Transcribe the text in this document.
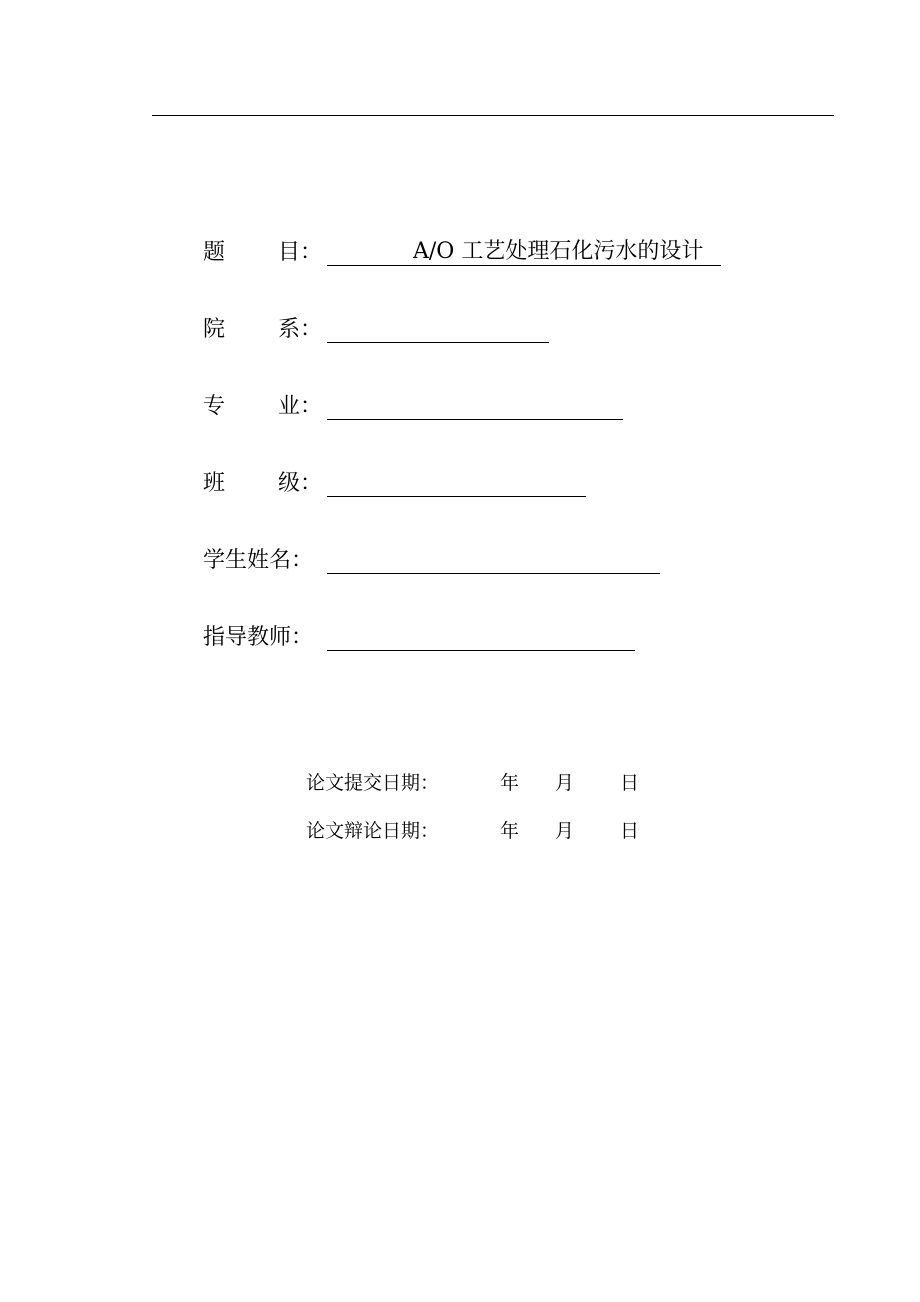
题	目：	A/O 工艺处理石化污水的设计
院	系：
专	业：
班	级：
学生姓名：
指导教师：
论文提交日期：	年 月 日
论文辩论日期：	年 月 日
